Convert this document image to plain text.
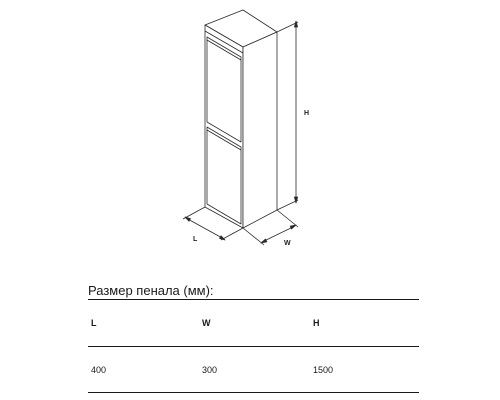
H
L
W
Размер пенала (мм):
L	W	H
400	300	1500
